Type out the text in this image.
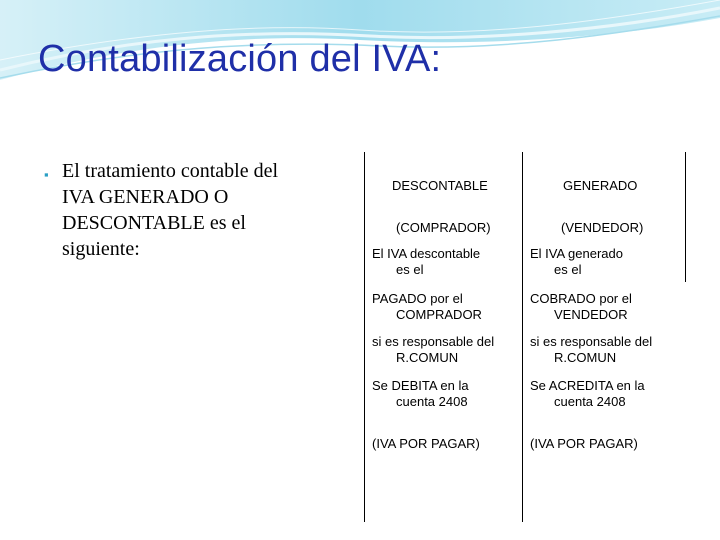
Contabilización del IVA:
▪ El tratamiento contable del
IVA GENERADO O
DESCONTABLE es el
siguiente:
DESCONTABLE
(COMPRADOR)
GENERADO
(VENDEDOR)
El IVA descontable
es el
PAGADO por el
COMPRADOR
si es responsable del
R.COMUN
Se DEBITA en la
cuenta 2408
(IVA POR PAGAR)
El IVA generado
es el
COBRADO por el
VENDEDOR
si es responsable del
R.COMUN
Se ACREDITA en la
cuenta 2408
(IVA POR PAGAR)
